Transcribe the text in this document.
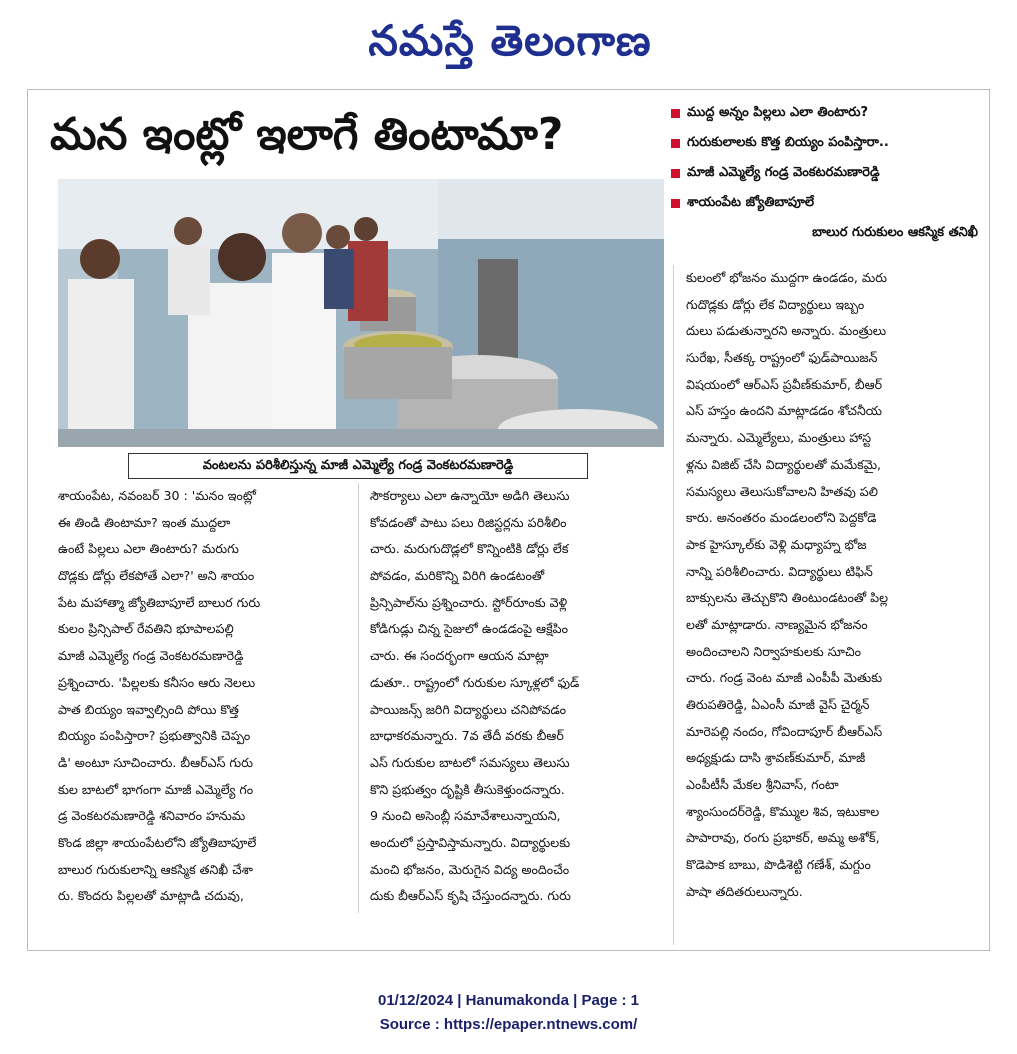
నమస్తే తెలంగాణ
మన ఇంట్లో ఇలాగే తింటామా?	ముద్ద అన్నం పిల్లలు ఎలా తింటారు?
గురుకులాలకు కొత్త బియ్యం పంపిస్తారా..
మాజీ ఎమ్మెల్యే గండ్ర వెంకటరమణారెడ్డి
శాయంపేట జ్యోతిబాపూలే
బాలుర గురుకులం ఆకస్మిక తనిఖీ
వంటలను పరిశీలిస్తున్న మాజీ ఎమ్మెల్యే గండ్ర వెంకటరమణారెడ్డి
శాయంపేట, నవంబర్ 30 : 'మనం ఇంట్లో
ఈ తిండి తింటామా? ఇంత ముద్దలా
ఉంటే పిల్లలు ఎలా తింటారు? మరుగు
దొడ్లకు డోర్లు లేకపోతే ఎలా?' అని శాయం
పేట మహాత్మా జ్యోతిబాపూలే బాలుర గురు
కులం ప్రిన్సిపాల్ రేవతిని భూపాలపల్లి
మాజీ ఎమ్మెల్యే గండ్ర వెంకటరమణారెడ్డి
ప్రశ్నించారు. 'పిల్లలకు కనీసం ఆరు నెలలు
పాత బియ్యం ఇవ్వాల్సింది పోయి కొత్త
బియ్యం పంపిస్తారా? ప్రభుత్వానికి చెప్పం
డి' అంటూ సూచించారు. బీఆర్ఎస్ గురు
కుల బాటలో భాగంగా మాజీ ఎమ్మెల్యే గం
డ్ర వెంకటరమణారెడ్డి శనివారం హనుమ
కొండ జిల్లా శాయంపేటలోని జ్యోతిబాపూలే
బాలుర గురుకులాన్ని ఆకస్మిక తనిఖీ చేశా
రు. కొందరు పిల్లలతో మాట్లాడి చదువు,
సౌకర్యాలు ఎలా ఉన్నాయో అడిగి తెలుసు
కోవడంతో పాటు పలు రిజిస్టర్లను పరిశీలిం
చారు. మరుగుదొడ్లలో కొన్నింటికి డోర్లు లేక
పోవడం, మరికొన్ని విరిగి ఉండటంతో
ప్రిన్సిపాల్‌ను ప్రశ్నించారు. స్టోర్‌రూంకు వెళ్లి
కోడిగుడ్లు చిన్న సైజులో ఉండడంపై ఆక్షేపిం
చారు. ఈ సందర్భంగా ఆయన మాట్లా
డుతూ.. రాష్ట్రంలో గురుకుల స్కూళ్లలో ఫుడ్
పాయిజన్స్ జరిగి విద్యార్థులు చనిపోవడం
బాధాకరమన్నారు. 7వ తేదీ వరకు బీఆర్
ఎస్ గురుకుల బాటలో సమస్యలు తెలుసు
కొని ప్రభుత్వం దృష్టికి తీసుకెళ్తుందన్నారు.
9 నుంచి అసెంబ్లీ సమావేశాలున్నాయని,
అందులో ప్రస్తావిస్తామన్నారు. విద్యార్థులకు
మంచి భోజనం, మెరుగైన విద్య అందించేం
దుకు బీఆర్ఎస్ కృషి చేస్తుందన్నారు. గురు
కులంలో భోజనం ముద్దగా ఉండడం, మరు
గుదొడ్లకు డోర్లు లేక విద్యార్థులు ఇబ్బం
దులు పడుతున్నారని అన్నారు. మంత్రులు
సురేఖ, సీతక్క రాష్ట్రంలో ఫుడ్‌పాయిజన్
విషయంలో ఆర్ఎస్ ప్రవీణ్‌కుమార్, బీఆర్
ఎస్ హస్తం ఉందని మాట్లాడడం శోచనీయ
మన్నారు. ఎమ్మెల్యేలు, మంత్రులు హాస్ట
ళ్లను విజిట్ చేసి విద్యార్థులతో మమేకమై,
సమస్యలు తెలుసుకోవాలని హితవు పలి
కారు. అనంతరం మండలంలోని పెద్దకోడె
పాక హైస్కూల్‌కు వెళ్లి మధ్యాహ్న భోజ
నాన్ని పరిశీలించారు. విద్యార్థులు టిఫిన్
బాక్సులను తెచ్చుకొని తింటుండటంతో పిల్ల
లతో మాట్లాడారు. నాణ్యమైన భోజనం
అందించాలని నిర్వాహకులకు సూచిం
చారు. గండ్ర వెంట మాజీ ఎంపీపీ మెతుకు
తిరుపతిరెడ్డి, ఏఎంసీ మాజీ వైస్ చైర్మన్
మారెపల్లి నందం, గోవిందాపూర్ బీఆర్ఎస్
అధ్యక్షుడు దాసి శ్రావణ్‌కుమార్, మాజీ
ఎంపీటీసీ మేకల శ్రీనివాస్, గంటా
శ్యాంసుందర్‌రెడ్డి, కొమ్ముల శివ, ఇటుకాల
పాపారావు, రంగు ప్రభాకర్, అమ్మ అశోక్,
కొడెపాక బాబు, పొడిశెట్టి గణేశ్, మగ్దుం
పాషా తదితరులున్నారు.
01/12/2024 | Hanumakonda | Page : 1
Source : https://epaper.ntnews.com/
